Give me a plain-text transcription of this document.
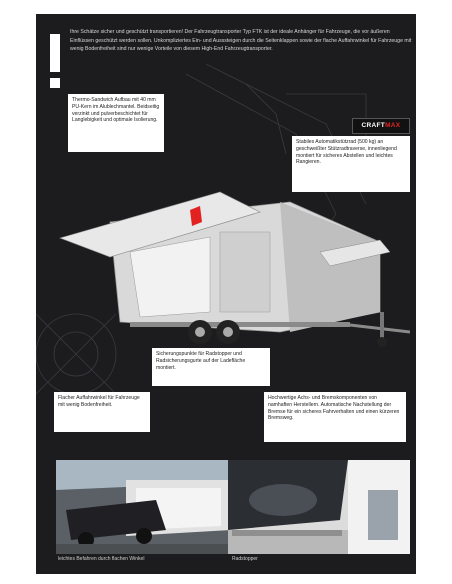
Ihre Schätze sicher und geschützt transportieren! Der Fahrzeugtransporter Typ FTK ist der ideale Anhänger für Fahrzeuge, die vor äußeren Einflüssen geschützt werden sollen. Unkompliziertes Ein- und Ausssteigen durch die Seitenklappen sowie der flache Auffahrwinkel für Fahrzeuge mit wenig Bodenfreiheit sind nur wenige Vorteile von diesem High-End Fahrzeugtransporter.
Thermo-Sandwich Aufbau mit 40 mm PU-Kern im Alublechmantel. Beidseitig verzinkt und pulverbeschichtet für Langlebigkeit und optimale Isolierung.
CRAFTMAX
Stabiles Automatikstützrad (500 kg) an geschweißter Stützradtraverse, innenliegend montiert für sicheres Abstellen und leichtes Rangieren.
Sicherungspunkte für Radstopper und Radsicherungsgurte auf der Ladefläche montiert.
Flacher Auffahrwinkel für Fahrzeuge mit wenig Bodenfreiheit.
Hochwertige Achs- und Bremskomponenten von namhaften Herstellern. Automatische Nachstellung der Bremse für ein sicheres Fahrverhalten und einen kürzeren Bremsweg.
leichtes Befahren durch flachen Winkel	Radstopper
